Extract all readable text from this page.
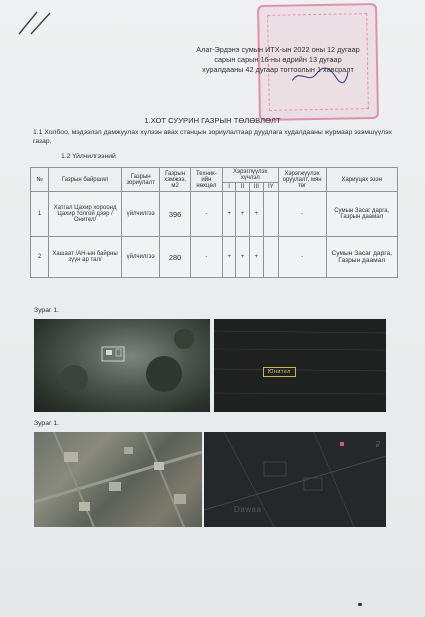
Алаг-Эрдэнэ сумын ИТХ-ын 2022 оны 12 дугаар
сарын сарын 16-ны өдрийн 13 дугаар
хуралдааны 42 дугаар тогтоолын 1 хавсралт
1.ХОТ СУУРИН ГАЗРЫН ТӨЛӨВЛӨЛТ
1.1 Холбоо, мэдээлэл дамжуулах хүлээн авах станцын зориулалтаар дуудлага худалдааны журмаар эзэмшүүлэх газар,
1.2 Үйлчилгээний
№	Газрын байршил	Газрын зориулалт	Газрын хэмжээ, м2	Техник-ийн нөхцөл	Хэрэглүүлэх хүчлэл				Хэрэгжүүлэх оруулалт, мян төг	Хариуцах эзэн
					I	II	III	IY		
1	Хатгал Цахир хороонд Цахир толгой дээр /Онител/	үйлчилгээ	396	-	+	+	+		-	Сумын Засаг дарга, Газрын даамал
2	Хашаат /АН-ын байрны зүүн ар тал/	үйлчилгээ	280	-	+	+	+		-	Сумын Засаг дарга, Газрын даамал
Зураг 1.
Юнител
Зураг 1.
Dawaa
Га
